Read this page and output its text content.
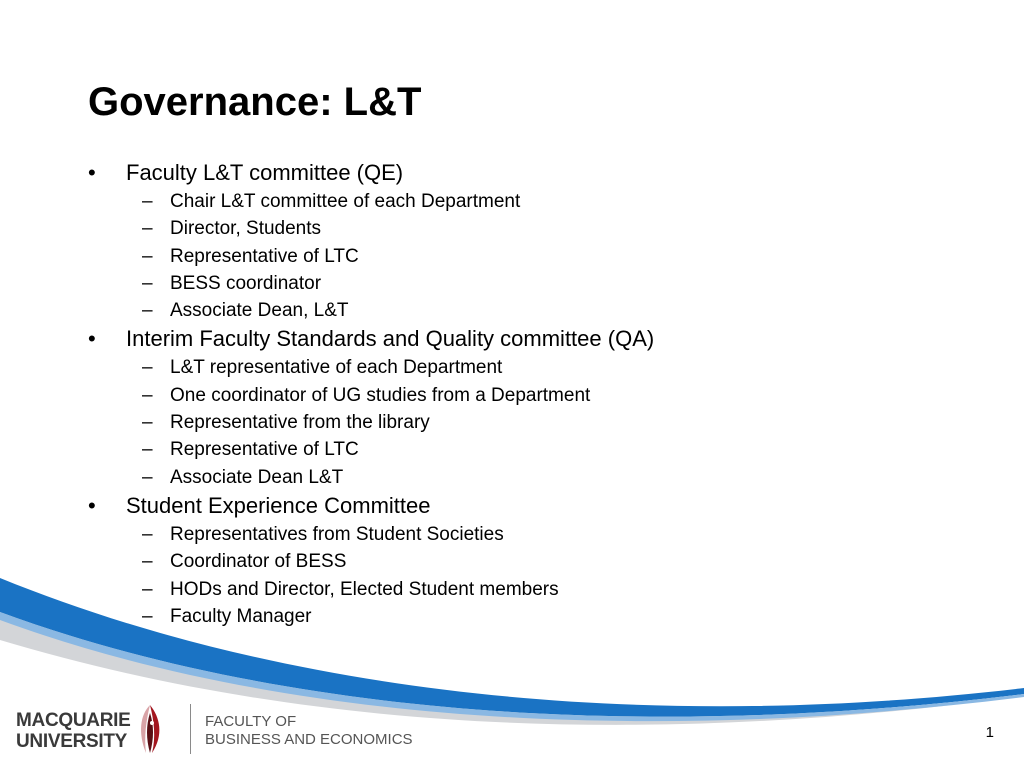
Governance: L&T
•	Faculty L&T committee (QE)
– Chair L&T committee of each Department
– Director, Students
– Representative of LTC
– BESS coordinator
– Associate Dean, L&T
•	Interim Faculty Standards and Quality committee (QA)
– L&T representative of each Department
– One coordinator of UG studies from a Department
– Representative from the library
– Representative of LTC
– Associate Dean L&T
•	Student Experience Committee
– Representatives from Student Societies
– Coordinator of BESS
– HODs and Director, Elected Student members
– Faculty Manager
MACQUARIE
UNIVERSITY
FACULTY OF
BUSINESS AND ECONOMICS	1
